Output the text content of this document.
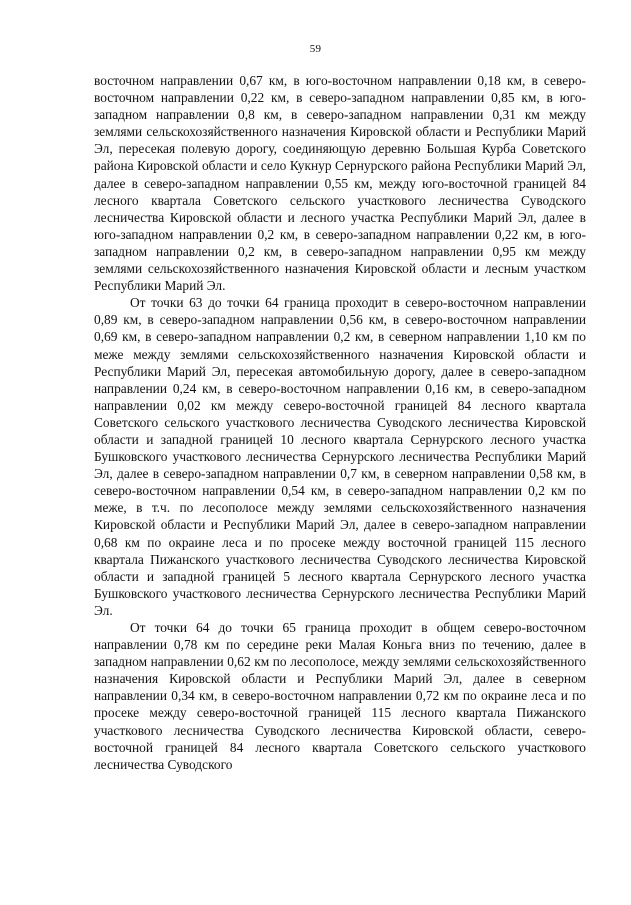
59

восточном направлении 0,67 км, в юго-восточном направлении 0,18 км, в северо-восточном направлении 0,22 км, в северо-западном направлении 0,85 км, в юго-западном направлении 0,8 км, в северо-западном направлении 0,31 км между землями сельскохозяйственного назначения Кировской области и Республики Марий Эл, пересекая полевую дорогу, соединяющую деревню Большая Курба Советского района Кировской области и село Кукнур Сернурского района Республики Марий Эл, далее в северо-западном направлении 0,55 км, между юго-восточной границей 84 лесного квартала Советского сельского участкового лесничества Суводского лесничества Кировской области и лесного участка Республики Марий Эл, далее в юго-западном направлении 0,2 км, в северо-западном направлении 0,22 км, в юго-западном направлении 0,2 км, в северо-западном направлении 0,95 км между землями сельскохозяйственного назначения Кировской области и лесным участком Республики Марий Эл.

От точки 63 до точки 64 граница проходит в северо-восточном направлении 0,89 км, в северо-западном направлении 0,56 км, в северо-восточном направлении 0,69 км, в северо-западном направлении 0,2 км, в северном направлении 1,10 км по меже между землями сельскохозяйственного назначения Кировской области и Республики Марий Эл, пересекая автомобильную дорогу, далее в северо-западном направлении 0,24 км, в северо-восточном направлении 0,16 км, в северо-западном направлении 0,02 км между северо-восточной границей 84 лесного квартала Советского сельского участкового лесничества Суводского лесничества Кировской области и западной границей 10 лесного квартала Сернурского лесного участка Бушковского участкового лесничества Сернурского лесничества Республики Марий Эл, далее в северо-западном направлении 0,7 км, в северном направлении 0,58 км, в северо-восточном направлении 0,54 км, в северо-западном направлении 0,2 км по меже, в т.ч. по лесополосе между землями сельскохозяйственного назначения Кировской области и Республики Марий Эл, далее в северо-западном направлении 0,68 км по окраине леса и по просеке между восточной границей 115 лесного квартала Пижанского участкового лесничества Суводского лесничества Кировской области и западной границей 5 лесного квартала Сернурского лесного участка Бушковского участкового лесничества Сернурского лесничества Республики Марий Эл.

От точки 64 до точки 65 граница проходит в общем северо-восточном направлении 0,78 км по середине реки Малая Коньга вниз по течению, далее в западном направлении 0,62 км по лесополосе, между землями сельскохозяйственного назначения Кировской области и Республики Марий Эл, далее в северном направлении 0,34 км, в северо-восточном направлении 0,72 км по окраине леса и по просеке между северо-восточной границей 115 лесного квартала Пижанского участкового лесничества Суводского лесничества Кировской области, северо-восточной границей 84 лесного квартала Советского сельского участкового лесничества Суводского
